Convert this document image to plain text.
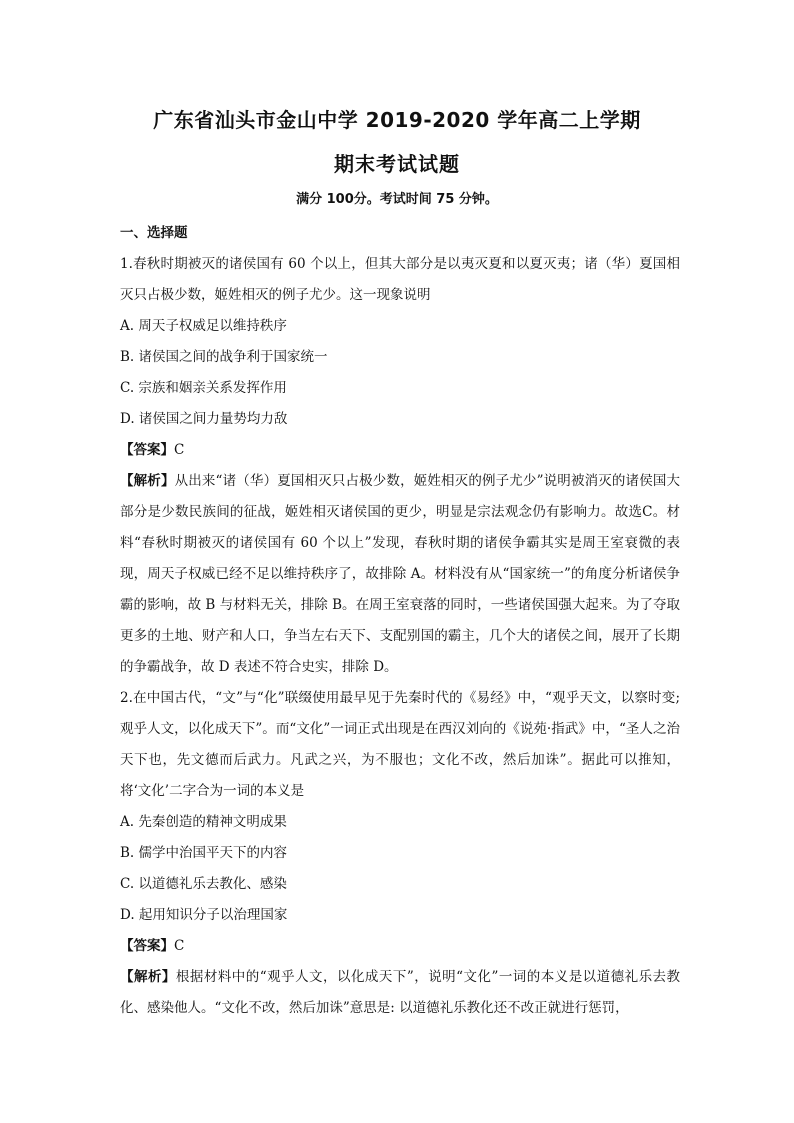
广东省汕头市金山中学 2019-2020 学年高二上学期
期末考试试题
满分 100分。考试时间 75 分钟。

一、选择题

1.春秋时期被灭的诸侯国有 60 个以上，但其大部分是以夷灭夏和以夏灭夷；诸（华）夏国相灭只占极少数，姬姓相灭的例子尤少。这一现象说明

A. 周天子权威足以维持秩序

B. 诸侯国之间的战争利于国家统一

C. 宗族和姻亲关系发挥作用

D. 诸侯国之间力量势均力敌

【答案】C

【解析】从出来“诸（华）夏国相灭只占极少数，姬姓相灭的例子尤少”说明被消灭的诸侯国大部分是少数民族间的征战，姬姓相灭诸侯国的更少，明显是宗法观念仍有影响力。故选C。材料“春秋时期被灭的诸侯国有 60 个以上”发现，春秋时期的诸侯争霸其实是周王室衰微的表现，周天子权威已经不足以维持秩序了，故排除 A。材料没有从“国家统一”的角度分析诸侯争霸的影响，故 B 与材料无关，排除 B。在周王室衰落的同时，一些诸侯国强大起来。为了夺取更多的土地、财产和人口，争当左右天下、支配别国的霸主，几个大的诸侯之间，展开了长期的争霸战争，故 D 表述不符合史实，排除 D。

2.在中国古代，“文”与“化”联缀使用最早见于先秦时代的《易经》中，“观乎天文，以察时变; 观乎人文，以化成天下”。而“文化”一词正式出现是在西汉刘向的《说苑·指武》中，“圣人之治天下也，先文德而后武力。凡武之兴，为不服也；文化不改，然后加诛”。据此可以推知，将‘文化’二字合为一词的本义是

A. 先秦创造的精神文明成果

B. 儒学中治国平天下的内容

C. 以道德礼乐去教化、感染

D. 起用知识分子以治理国家

【答案】C

【解析】根据材料中的“观乎人文，以化成天下”，说明“文化”一词的本义是以道德礼乐去教化、感染他人。“文化不改，然后加诛”意思是: 以道德礼乐教化还不改正就进行惩罚，
